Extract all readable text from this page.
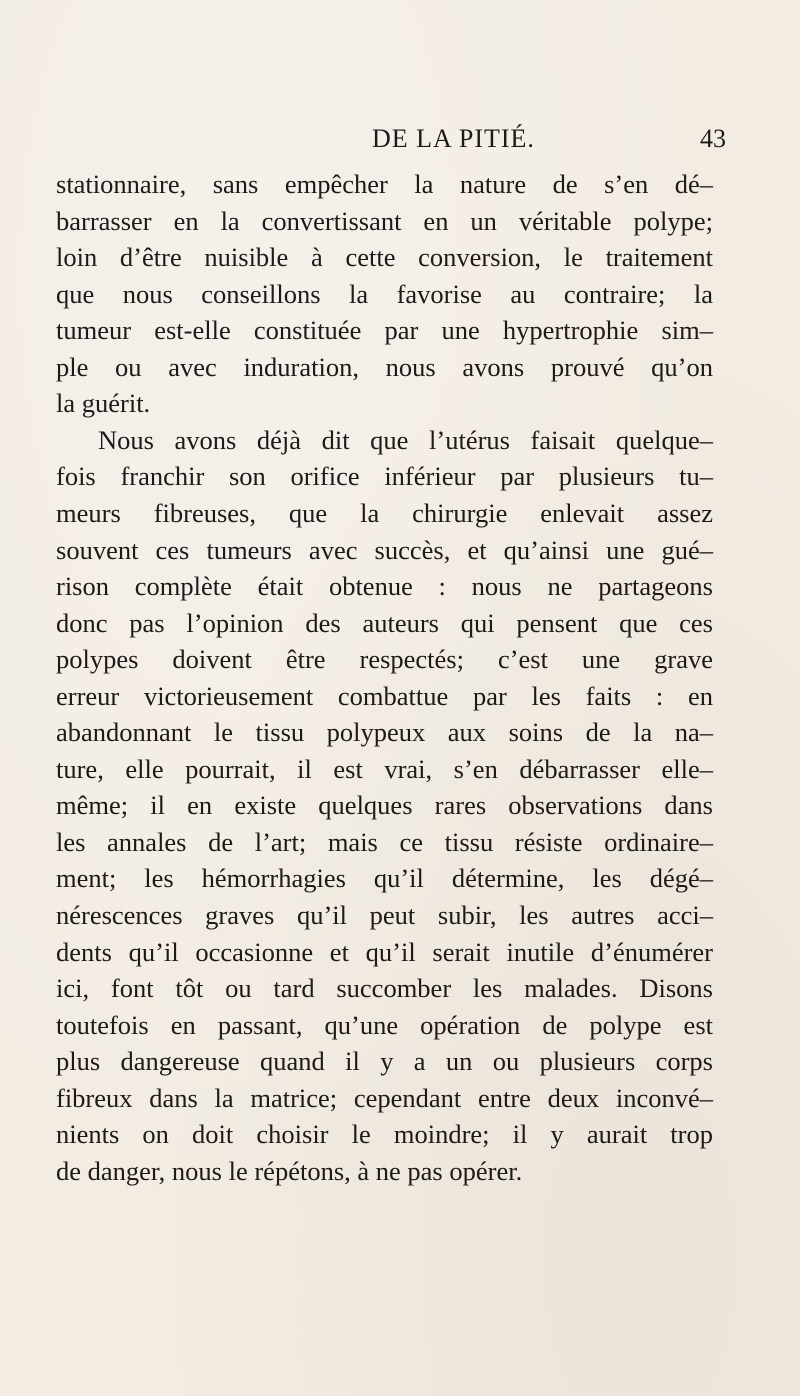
DE LA PITIÉ.	43
stationnaire, sans empêcher la nature de s’en dé–
barrasser en la convertissant en un véritable polype;
loin d’être nuisible à cette conversion, le traitement
que nous conseillons la favorise au contraire; la
tumeur est-elle constituée par une hypertrophie sim–
ple ou avec induration, nous avons prouvé qu’on
la guérit.
Nous avons déjà dit que l’utérus faisait quelque–
fois franchir son orifice inférieur par plusieurs tu–
meurs fibreuses, que la chirurgie enlevait assez
souvent ces tumeurs avec succès, et qu’ainsi une gué–
rison complète était obtenue : nous ne partageons
donc pas l’opinion des auteurs qui pensent que ces
polypes doivent être respectés; c’est une grave
erreur victorieusement combattue par les faits : en
abandonnant le tissu polypeux aux soins de la na–
ture, elle pourrait, il est vrai, s’en débarrasser elle–
même; il en existe quelques rares observations dans
les annales de l’art; mais ce tissu résiste ordinaire–
ment; les hémorrhagies qu’il détermine, les dégé–
nérescences graves qu’il peut subir, les autres acci–
dents qu’il occasionne et qu’il serait inutile d’énumérer
ici, font tôt ou tard succomber les malades. Disons
toutefois en passant, qu’une opération de polype est
plus dangereuse quand il y a un ou plusieurs corps
fibreux dans la matrice; cependant entre deux inconvé–
nients on doit choisir le moindre; il y aurait trop
de danger, nous le répétons, à ne pas opérer.
